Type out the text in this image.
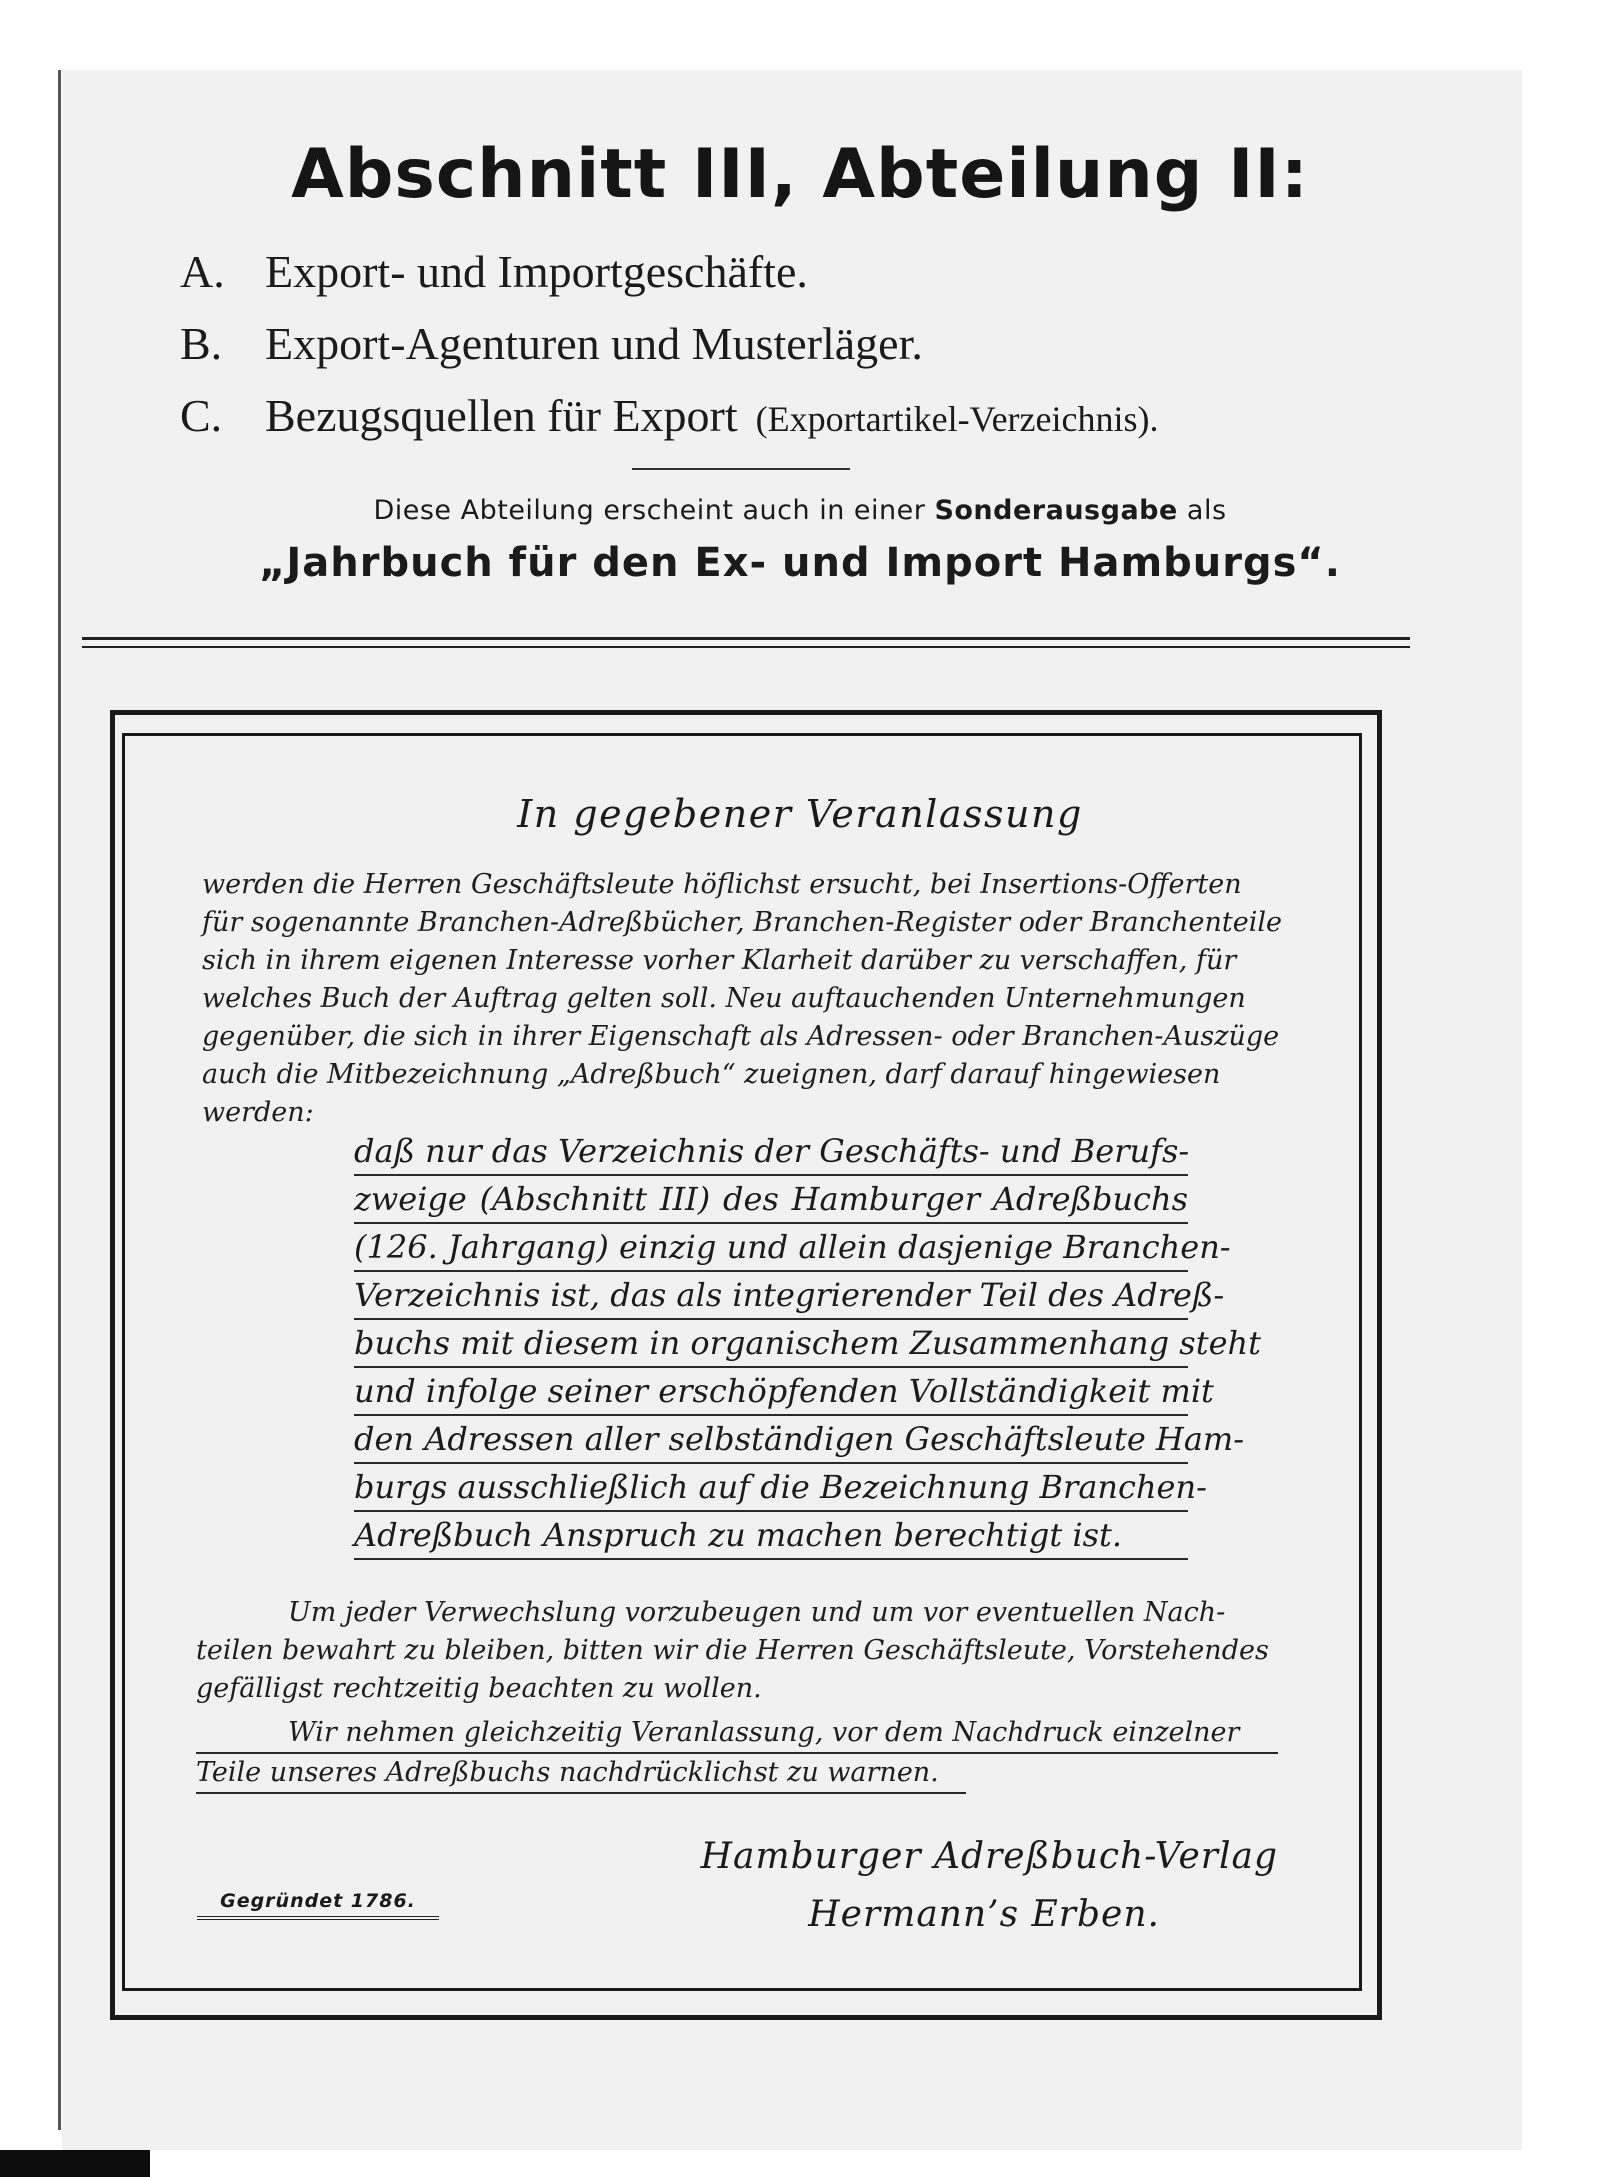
Abschnitt III, Abteilung II:
A. Export- und Importgeschäfte.
B. Export-Agenturen und Musterläger.
C. Bezugsquellen für Export (Exportartikel-Verzeichnis).
Diese Abteilung erscheint auch in einer Sonderausgabe als
„Jahrbuch für den Ex- und Import Hamburgs“.
In gegebener Veranlassung
werden die Herren Geschäftsleute höflichst ersucht, bei Insertions-Offerten
für sogenannte Branchen-Adreßbücher, Branchen-Register oder Branchenteile
sich in ihrem eigenen Interesse vorher Klarheit darüber zu verschaffen, für
welches Buch der Auftrag gelten soll. Neu auftauchenden Unternehmungen
gegenüber, die sich in ihrer Eigenschaft als Adressen- oder Branchen-Auszüge
auch die Mitbezeichnung „Adreßbuch“ zueignen, darf darauf hingewiesen
werden:
daß nur das Verzeichnis der Geschäfts- und Berufs-
zweige (Abschnitt III) des Hamburger Adreßbuchs
(126. Jahrgang) einzig und allein dasjenige Branchen-
Verzeichnis ist, das als integrierender Teil des Adreß-
buchs mit diesem in organischem Zusammenhang steht
und infolge seiner erschöpfenden Vollständigkeit mit
den Adressen aller selbständigen Geschäftsleute Ham-
burgs ausschließlich auf die Bezeichnung Branchen-
Adreßbuch Anspruch zu machen berechtigt ist.
Um jeder Verwechslung vorzubeugen und um vor eventuellen Nach-
teilen bewahrt zu bleiben, bitten wir die Herren Geschäftsleute, Vorstehendes
gefälligst rechtzeitig beachten zu wollen.
Wir nehmen gleichzeitig Veranlassung, vor dem Nachdruck einzelner
Teile unseres Adreßbuchs nachdrücklichst zu warnen.
Hamburger Adreßbuch-Verlag
Hermann’s Erben.
Gegründet 1786.
